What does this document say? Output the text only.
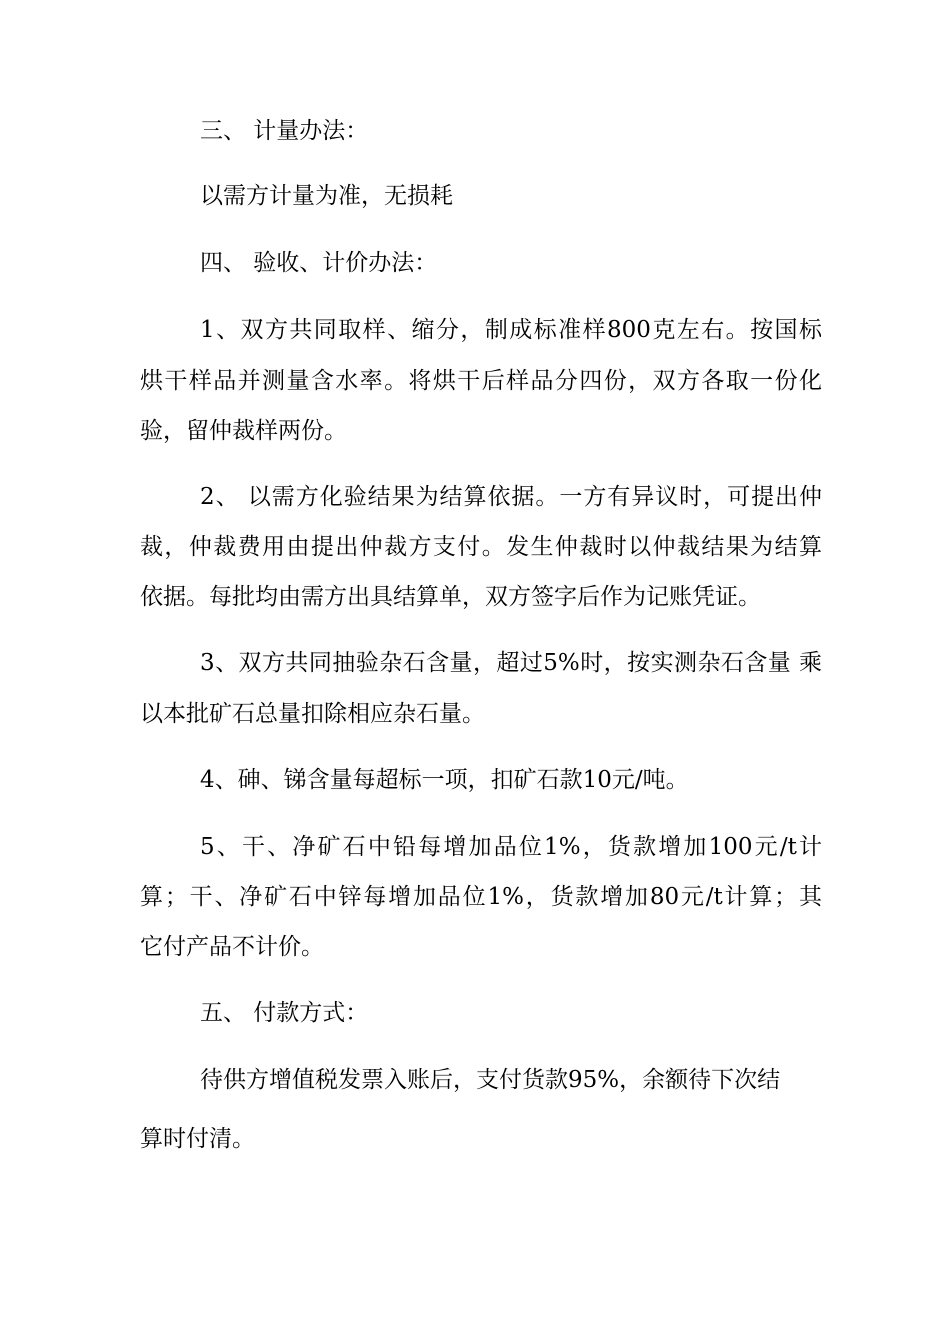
三、 计量办法：
以需方计量为准，无损耗
四、 验收、计价办法：
1、双方共同取样、缩分，制成标准样800克左右。按国标
烘干样品并测量含水率。将烘干后样品分四份，双方各取一份化
验，留仲裁样两份。
2、 以需方化验结果为结算依据。一方有异议时，可提出仲
裁，仲裁费用由提出仲裁方支付。发生仲裁时以仲裁结果为结算
依据。每批均由需方出具结算单，双方签字后作为记账凭证。
3、双方共同抽验杂石含量，超过5%时，按实测杂石含量 乘
以本批矿石总量扣除相应杂石量。
4、砷、锑含量每超标一项，扣矿石款10元/吨。
5、干、净矿石中铅每增加品位1%，货款增加100元/t计
算；干、净矿石中锌每增加品位1%，货款增加80元/t计算；其
它付产品不计价。
五、 付款方式：
待供方增值税发票入账后，支付货款95%，余额待下次结
算时付清。
